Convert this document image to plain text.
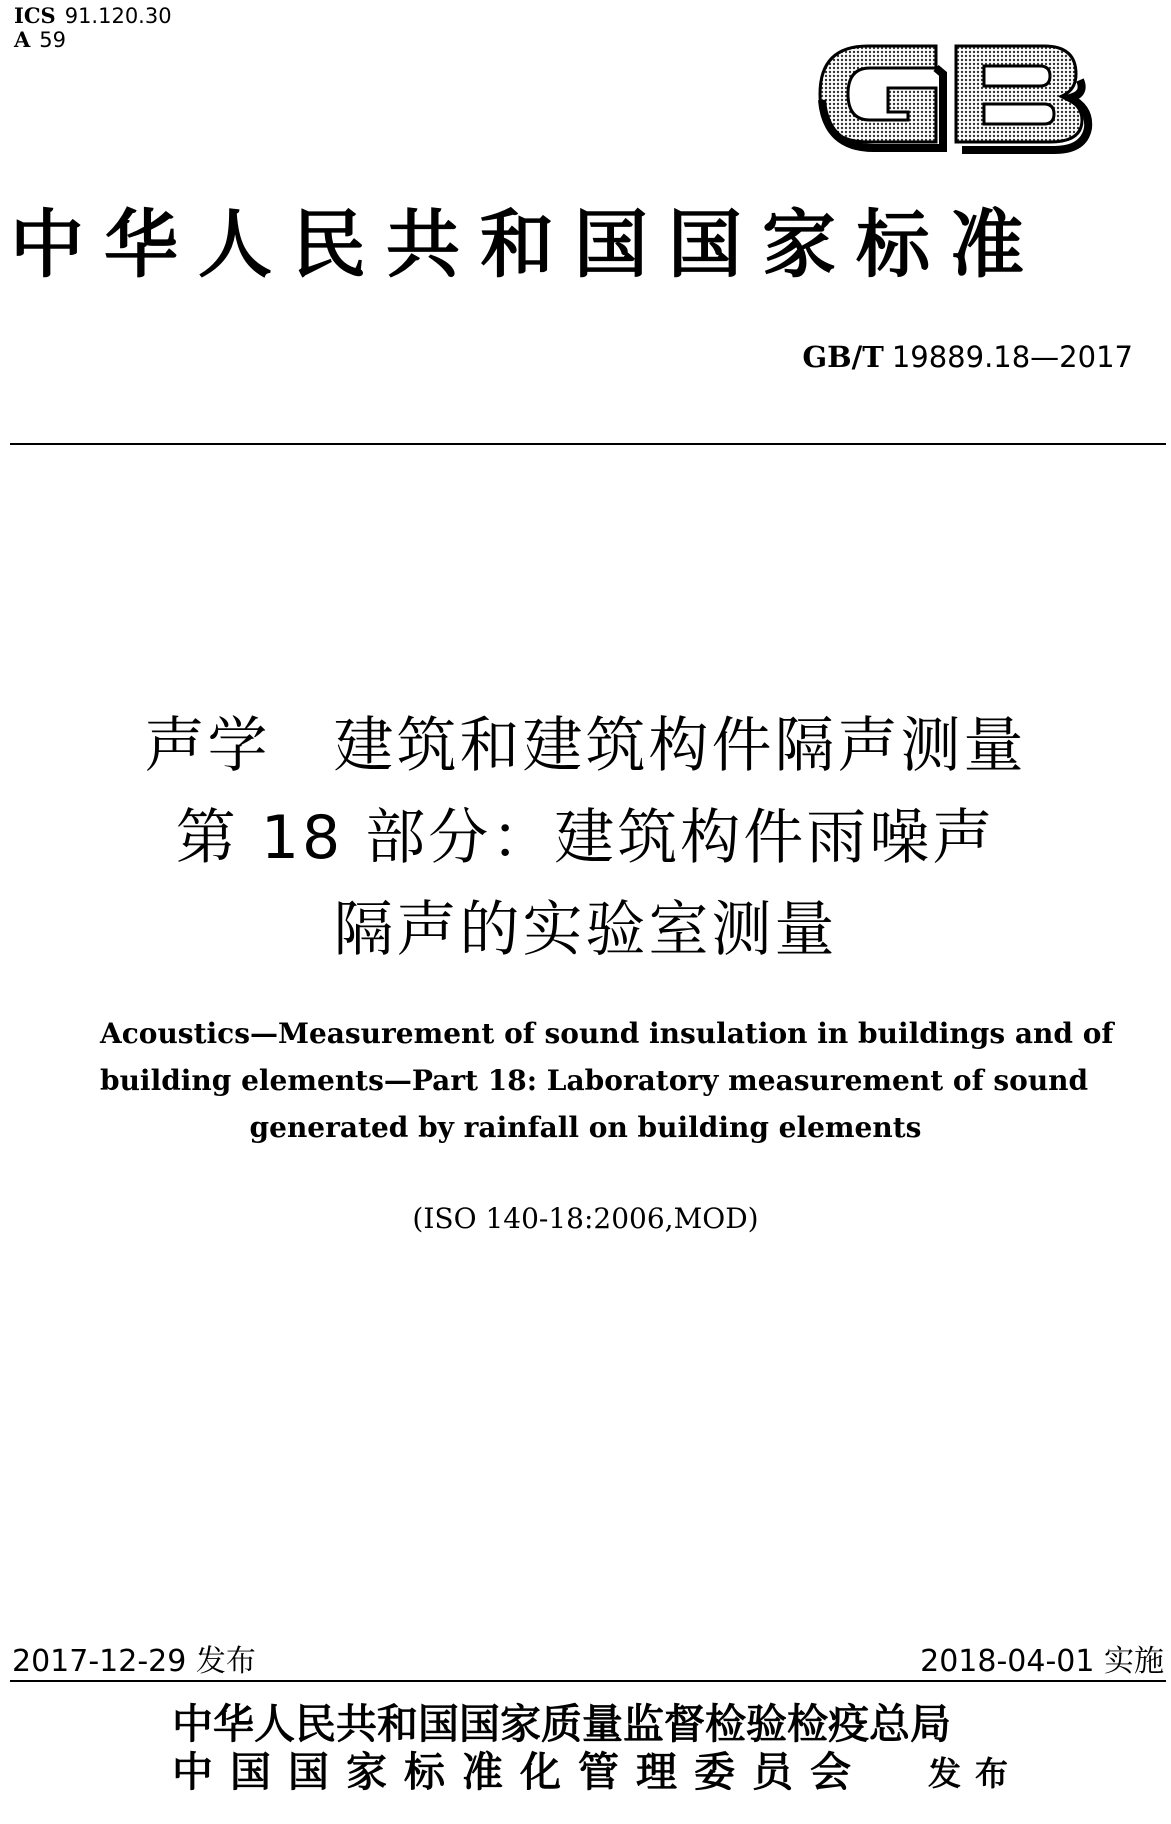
ICS 91.120.30
A 59
中华人民共和国国家标准
GB/T 19889.18—2017
声学　建筑和建筑构件隔声测量
第 18 部分：建筑构件雨噪声
隔声的实验室测量
Acoustics—Measurement of sound insulation in buildings and of
building elements—Part 18: Laboratory measurement of sound
generated by rainfall on building elements
(ISO 140-18:2006,MOD)
2017-12-29 发布	2018-04-01 实施
中华人民共和国国家质量监督检验检疫总局
中国国家标准化管理委员会 发布
